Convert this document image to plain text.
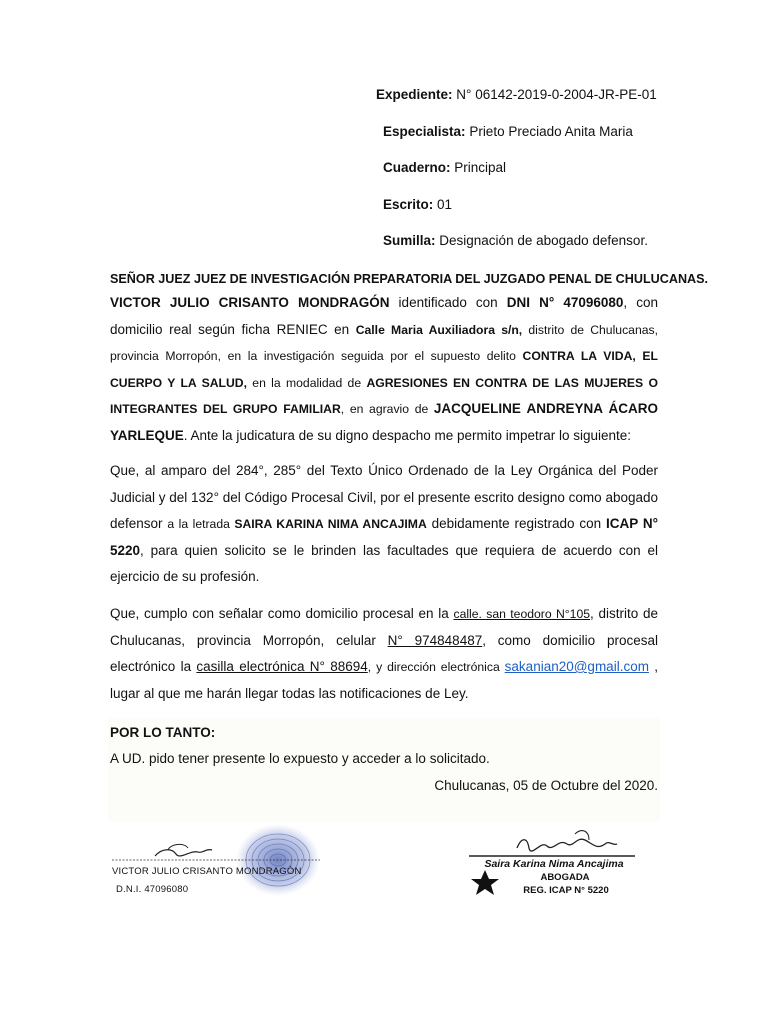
Expediente: N° 06142-2019-0-2004-JR-PE-01
Especialista: Prieto Preciado Anita Maria
Cuaderno: Principal
Escrito: 01
Sumilla: Designación de abogado defensor.
SEÑOR JUEZ JUEZ DE INVESTIGACIÓN PREPARATORIA DEL JUZGADO PENAL DE CHULUCANAS.
VICTOR JULIO CRISANTO MONDRAGÓN identificado con DNI N° 47096080, con domicilio real según ficha RENIEC en Calle Maria Auxiliadora s/n, distrito de Chulucanas, provincia Morropón, en la investigación seguida por el supuesto delito CONTRA LA VIDA, EL CUERPO Y LA SALUD, en la modalidad de AGRESIONES EN CONTRA DE LAS MUJERES O INTEGRANTES DEL GRUPO FAMILIAR, en agravio de JACQUELINE ANDREYNA ÁCARO YARLEQUE. Ante la judicatura de su digno despacho me permito impetrar lo siguiente:
Que, al amparo del 284°, 285° del Texto Único Ordenado de la Ley Orgánica del Poder Judicial y del 132° del Código Procesal Civil, por el presente escrito designo como abogado defensor a la letrada SAIRA KARINA NIMA ANCAJIMA debidamente registrado con ICAP N° 5220, para quien solicito se le brinden las facultades que requiera de acuerdo con el ejercicio de su profesión.
Que, cumplo con señalar como domicilio procesal en la calle. san teodoro N°105, distrito de Chulucanas, provincia Morropón, celular N° 974848487, como domicilio procesal electrónico la casilla electrónica N° 88694, y dirección electrónica sakanian20@gmail.com , lugar al que me harán llegar todas las notificaciones de Ley.
POR LO TANTO:
A UD. pido tener presente lo expuesto y acceder a lo solicitado.
Chulucanas, 05 de Octubre del 2020.
VICTOR JULIO CRISANTO MONDRAGÓN
D.N.I. 47096080
Saira Karina Nima Ancajima
ABOGADA
REG. ICAP N° 5220
